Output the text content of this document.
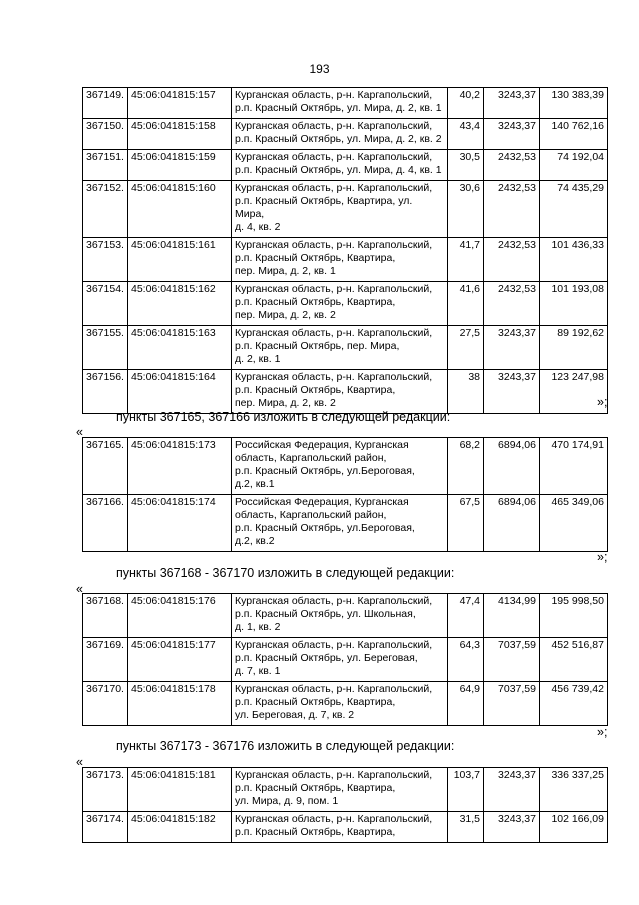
193
367149.	45:06:041815:157	Курганская область, р-н. Каргапольский,
р.п. Красный Октябрь, ул. Мира, д. 2, кв. 1	40,2	3243,37	130 383,39
367150.	45:06:041815:158	Курганская область, р-н. Каргапольский,
р.п. Красный Октябрь, ул. Мира, д. 2, кв. 2	43,4	3243,37	140 762,16
367151.	45:06:041815:159	Курганская область, р-н. Каргапольский,
р.п. Красный Октябрь, ул. Мира, д. 4, кв. 1	30,5	2432,53	74 192,04
367152.	45:06:041815:160	Курганская область, р-н. Каргапольский,
р.п. Красный Октябрь, Квартира, ул. Мира,
д. 4, кв. 2	30,6	2432,53	74 435,29
367153.	45:06:041815:161	Курганская область, р-н. Каргапольский,
р.п. Красный Октябрь, Квартира,
пер. Мира, д. 2, кв. 1	41,7	2432,53	101 436,33
367154.	45:06:041815:162	Курганская область, р-н. Каргапольский,
р.п. Красный Октябрь, Квартира,
пер. Мира, д. 2, кв. 2	41,6	2432,53	101 193,08
367155.	45:06:041815:163	Курганская область, р-н. Каргапольский,
р.п. Красный Октябрь, пер. Мира,
д. 2, кв. 1	27,5	3243,37	89 192,62
367156.	45:06:041815:164	Курганская область, р-н. Каргапольский,
р.п. Красный Октябрь, Квартира,
пер. Мира, д. 2, кв. 2	38	3243,37	123 247,98
»;
пункты 367165, 367166 изложить в следующей редакции:
«
367165.	45:06:041815:173	Российская Федерация, Курганская
область, Каргапольский район,
р.п. Красный Октябрь, ул.Бероговая,
д.2, кв.1	68,2	6894,06	470 174,91
367166.	45:06:041815:174	Российская Федерация, Курганская
область, Каргапольский район,
р.п. Красный Октябрь, ул.Бероговая,
д.2, кв.2	67,5	6894,06	465 349,06
»;
пункты 367168 - 367170 изложить в следующей редакции:
«
367168.	45:06:041815:176	Курганская область, р-н. Каргапольский,
р.п. Красный Октябрь, ул. Школьная,
д. 1, кв. 2	47,4	4134,99	195 998,50
367169.	45:06:041815:177	Курганская область, р-н. Каргапольский,
р.п. Красный Октябрь, ул. Береговая,
д. 7, кв. 1	64,3	7037,59	452 516,87
367170.	45:06:041815:178	Курганская область, р-н. Каргапольский,
р.п. Красный Октябрь, Квартира,
ул. Береговая, д. 7, кв. 2	64,9	7037,59	456 739,42
»;
пункты 367173 - 367176 изложить в следующей редакции:
«
367173.	45:06:041815:181	Курганская область, р-н. Каргапольский,
р.п. Красный Октябрь, Квартира,
ул. Мира, д. 9, пом. 1	103,7	3243,37	336 337,25
367174.	45:06:041815:182	Курганская область, р-н. Каргапольский,
р.п. Красный Октябрь, Квартира,	31,5	3243,37	102 166,09
